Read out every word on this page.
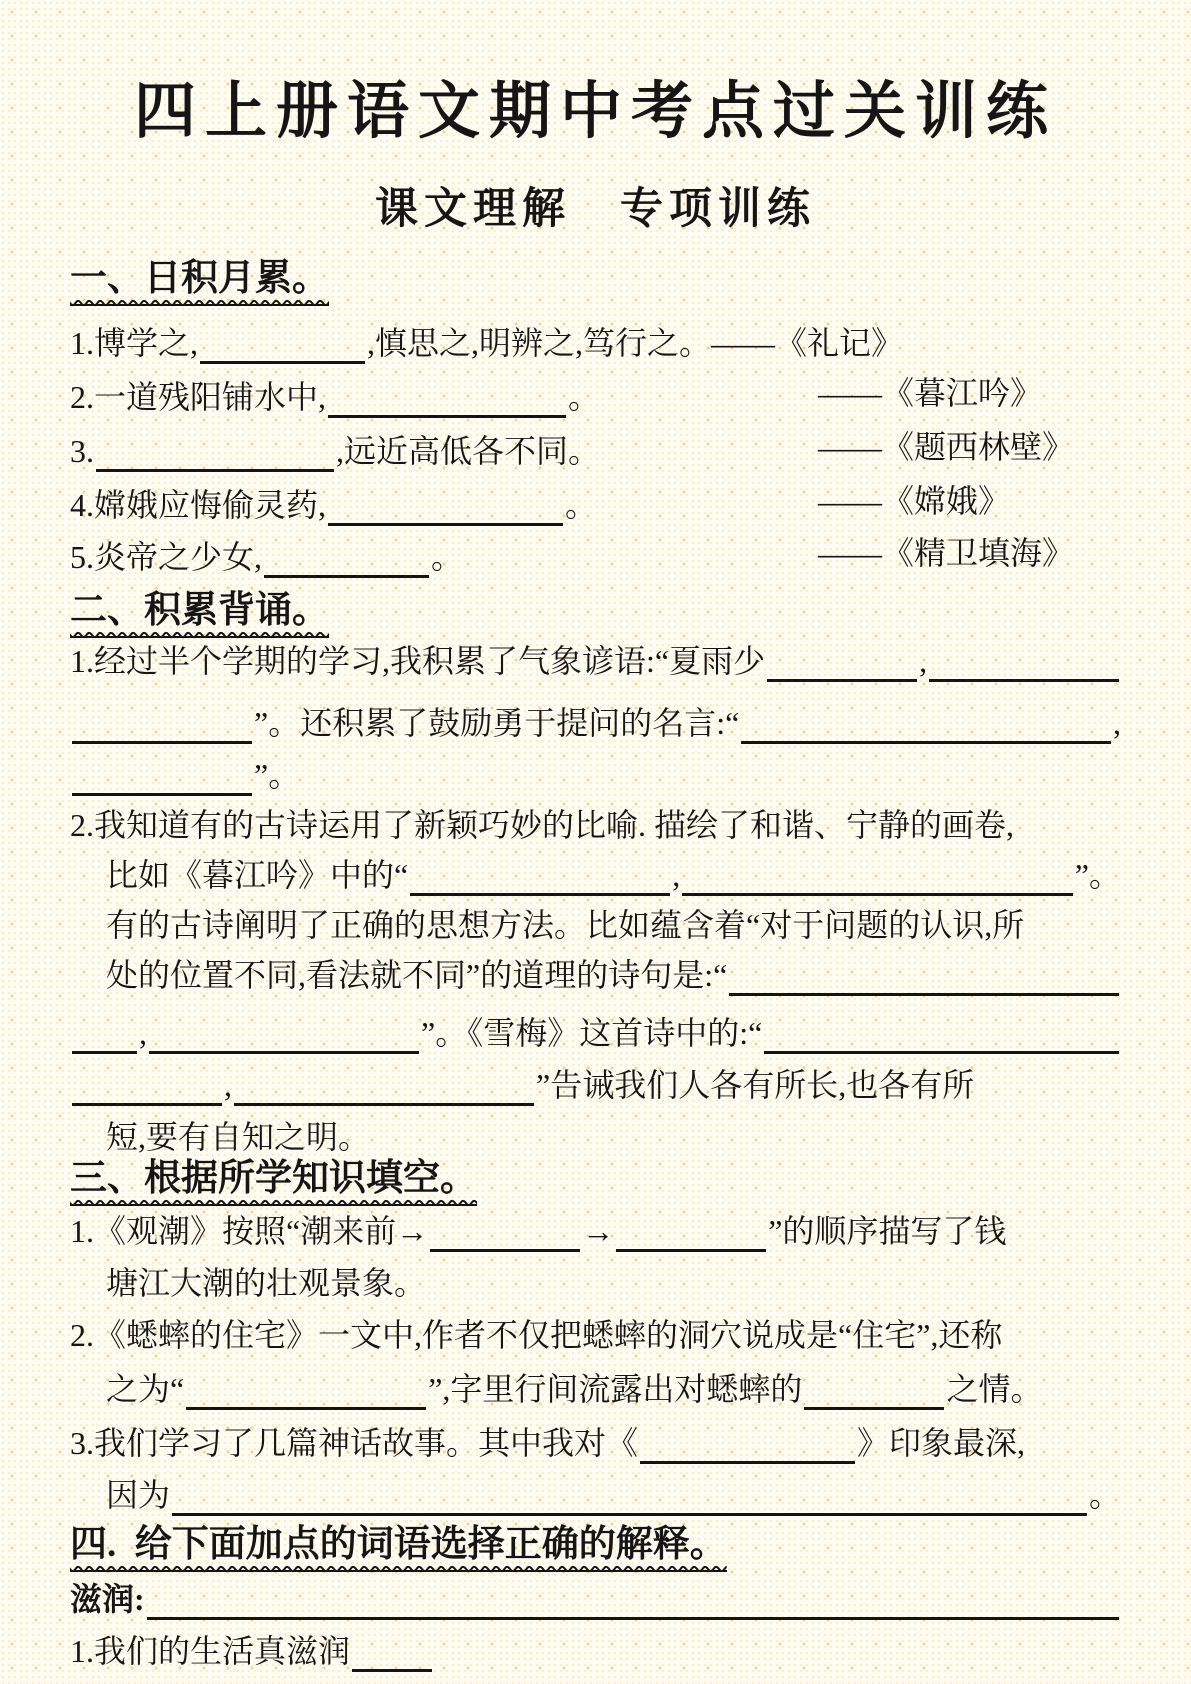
四上册语文期中考点过关训练
课文理解　专项训练
一、日积月累。
1.博学之,	,慎思之,明辨之,笃行之。 ——《礼记》
2.一道残阳铺水中,	。	——《暮江吟》
3.	,远近高低各不同。	——《题西林壁》
4.嫦娥应悔偷灵药,	。	——《嫦娥》
5.炎帝之少女,	。	——《精卫填海》
二、积累背诵。
1.经过半个学期的学习,我积累了气象谚语:“夏雨少	,
”。还积累了鼓励勇于提问的名言:“	,
”。
2.我知道有的古诗运用了新颖巧妙的比喻. 描绘了和谐、宁静的画卷,
比如《暮江吟》中的“	,	”。
有的古诗阐明了正确的思想方法。比如蕴含着“对于问题的认识,所
处的位置不同,看法就不同”的道理的诗句是:“
,	”。《雪梅》这首诗中的:“
,	”告诫我们人各有所长,也各有所
短,要有自知之明。
三、根据所学知识填空。
1.《观潮》按照“潮来前→	→	”的顺序描写了钱
塘江大潮的壮观景象。
2.《蟋蟀的住宅》一文中,作者不仅把蟋蟀的洞穴说成是“住宅”,还称
之为“	”,字里行间流露出对蟋蟀的	之情。
3.我们学习了几篇神话故事。其中我对《	》印象最深,
因为	。
四.  给下面加点的词语选择正确的解释。
滋润:
1.我们的生活真滋润
